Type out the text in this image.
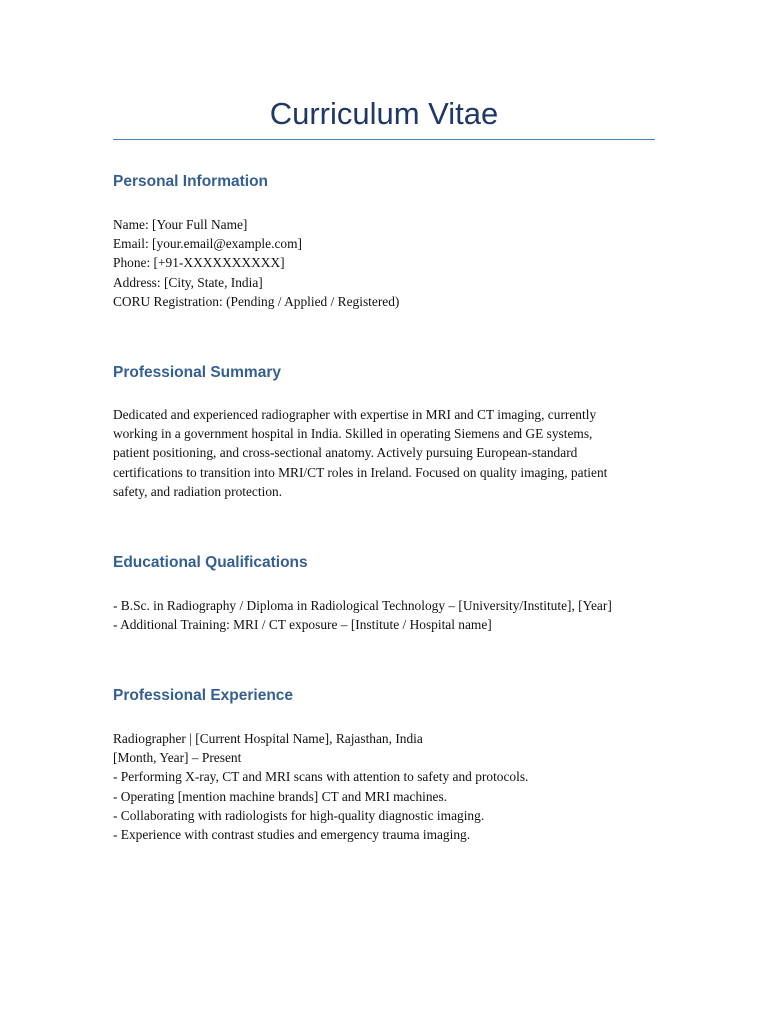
Curriculum Vitae
Personal Information
Name: [Your Full Name]
Email: [your.email@example.com]
Phone: [+91-XXXXXXXXXX]
Address: [City, State, India]
CORU Registration: (Pending / Applied / Registered)
Professional Summary
Dedicated and experienced radiographer with expertise in MRI and CT imaging, currently
working in a government hospital in India. Skilled in operating Siemens and GE systems,
patient positioning, and cross-sectional anatomy. Actively pursuing European-standard
certifications to transition into MRI/CT roles in Ireland. Focused on quality imaging, patient
safety, and radiation protection.
Educational Qualifications
- B.Sc. in Radiography / Diploma in Radiological Technology – [University/Institute], [Year]
- Additional Training: MRI / CT exposure – [Institute / Hospital name]
Professional Experience
Radiographer | [Current Hospital Name], Rajasthan, India
[Month, Year] – Present
- Performing X-ray, CT and MRI scans with attention to safety and protocols.
- Operating [mention machine brands] CT and MRI machines.
- Collaborating with radiologists for high-quality diagnostic imaging.
- Experience with contrast studies and emergency trauma imaging.
